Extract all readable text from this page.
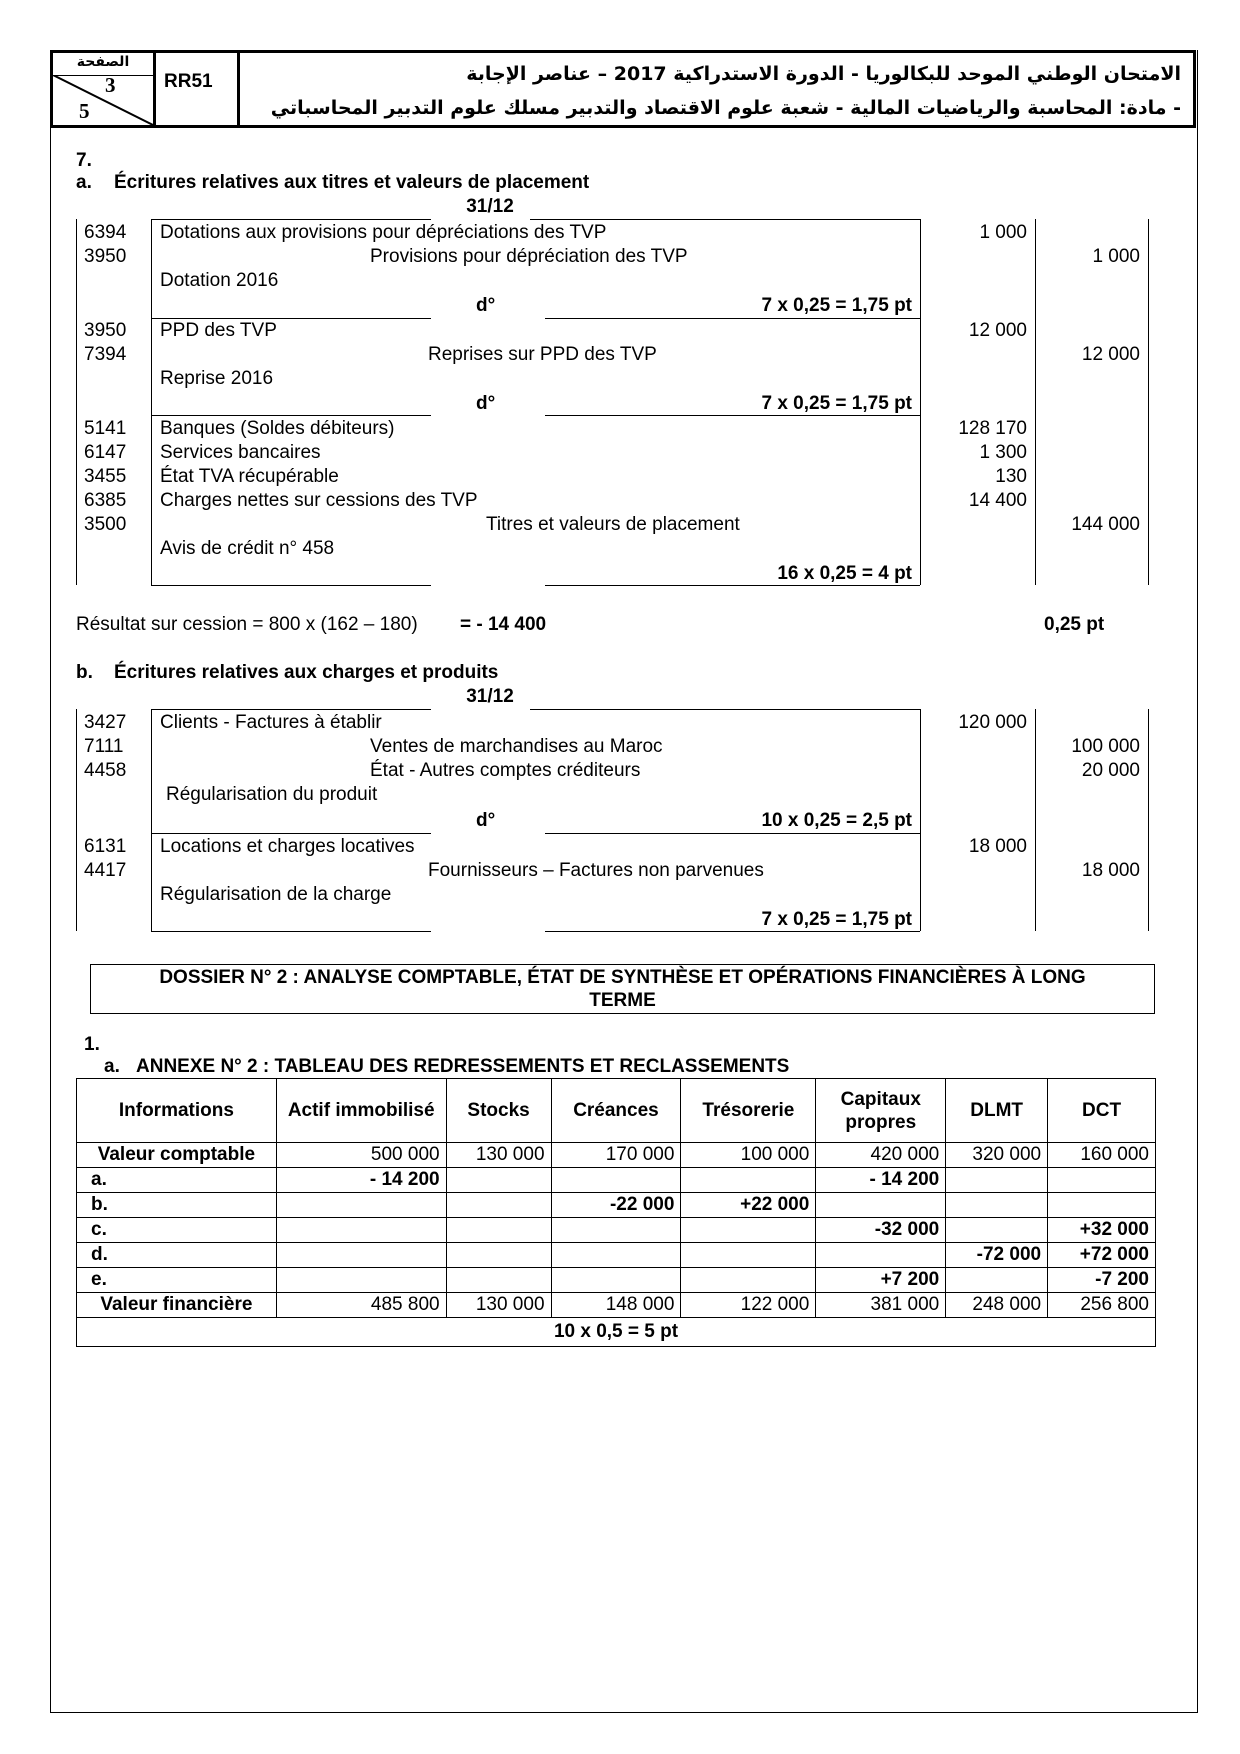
الصفحة
3
5
RR51	الامتحان الوطني الموحد للبكالوريا - الدورة الاستدراكية 2017 – عناصر الإجابة
- مادة: المحاسبة والرياضيات المالية - شعبة علوم الاقتصاد والتدبير مسلك علوم التدبير المحاسباتي
7.
a. Écritures relatives aux titres et valeurs de placement
31/12
6394 Dotations aux provisions pour dépréciations des TVP	1 000
3950	Provisions pour dépréciation des TVP	1 000
Dotation 2016
d°	7 x 0,25 = 1,75 pt
3950 PPD des TVP	12 000
7394	Reprises sur PPD des TVP	12 000
Reprise 2016
d°	7 x 0,25 = 1,75 pt
5141 Banques (Soldes débiteurs)	128 170
6147 Services bancaires	1 300
3455 État TVA récupérable	130
6385 Charges nettes sur cessions des TVP	14 400
3500	Titres et valeurs de placement	144 000
Avis de crédit n° 458
16 x 0,25 = 4 pt
Résultat sur cession = 800 x (162 – 180) = - 14 400	0,25 pt
b. Écritures relatives aux charges et produits
31/12
3427 Clients - Factures à établir	120 000
7111	Ventes de marchandises au Maroc	100 000
4458	État - Autres comptes créditeurs	20 000
Régularisation du produit
d°	10 x 0,25 = 2,5 pt
6131 Locations et charges locatives	18 000
4417	Fournisseurs – Factures non parvenues	18 000
Régularisation de la charge
7 x 0,25 = 1,75 pt
DOSSIER N° 2 : ANALYSE COMPTABLE, ÉTAT DE SYNTHÈSE ET OPÉRATIONS FINANCIÈRES À LONG
TERME
1.
a. ANNEXE N° 2 : TABLEAU DES REDRESSEMENTS ET RECLASSEMENTS
Informations	Actif immobilisé	Stocks	Créances	Trésorerie	Capitaux propres	DLMT	DCT
Valeur comptable	500 000	130 000	170 000	100 000	420 000	320 000	160 000
a.	- 14 200				- 14 200		
b.			-22 000	+22 000			
c.					-32 000		+32 000
d.						-72 000	+72 000
e.					+7 200		-7 200
Valeur financière	485 800	130 000	148 000	122 000	381 000	248 000	256 800
10 x 0,5 = 5 pt							
